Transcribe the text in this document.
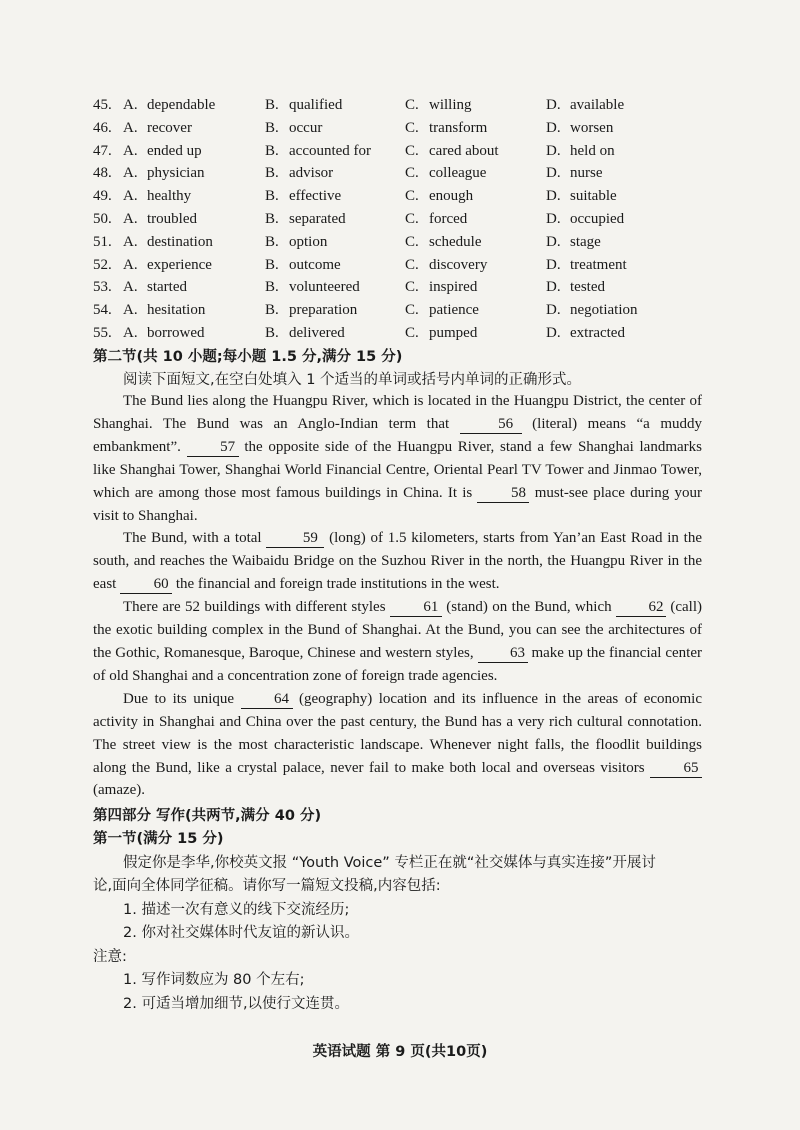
45. A. dependable	B. qualified	C. willing	D. available
46. A. recover	B. occur	C. transform	D. worsen
47. A. ended up	B. accounted for	C. cared about	D. held on
48. A. physician	B. advisor	C. colleague	D. nurse
49. A. healthy	B. effective	C. enough	D. suitable
50. A. troubled	B. separated	C. forced	D. occupied
51. A. destination	B. option	C. schedule	D. stage
52. A. experience	B. outcome	C. discovery	D. treatment
53. A. started	B. volunteered	C. inspired	D. tested
54. A. hesitation	B. preparation	C. patience	D. negotiation
55. A. borrowed	B. delivered	C. pumped	D. extracted
第二节(共 10 小题;每小题 1.5 分,满分 15 分)
阅读下面短文,在空白处填入 1 个适当的单词或括号内单词的正确形式。

The Bund lies along the Huangpu River, which is located in the Huangpu District, the center of Shanghai. The Bund was an Anglo-Indian term that	56 (literal) means “a muddy embankment”. 57 the opposite side of the Huangpu River, stand a few Shanghai landmarks like Shanghai Tower, Shanghai World Financial Centre, Oriental Pearl TV Tower and Jinmao Tower, which are among those most famous buildings in China. It is 58 must-see place during your visit to Shanghai.

The Bund, with a total 59 (long) of 1.5 kilometers, starts from Yan’an East Road in the south, and reaches the Waibaidu Bridge on the Suzhou River in the north, the Huangpu River in the east 60 the financial and foreign trade institutions in the west.

There are 52 buildings with different styles 61 (stand) on the Bund, which 62 (call) the exotic building complex in the Bund of Shanghai. At the Bund, you can see the architectures of the Gothic, Romanesque, Baroque, Chinese and western styles, 63 make up the financial center of old Shanghai and a concentration zone of foreign trade agencies.

Due to its unique 64 (geography) location and its influence in the areas of economic activity in Shanghai and China over the past century, the Bund has a very rich cultural connotation. The street view is the most characteristic landscape. Whenever night falls, the floodlit buildings along the Bund, like a crystal palace, never fail to make both local and overseas visitors 65 (amaze).

第四部分 写作(共两节,满分 40 分)
第一节(满分 15 分)
假定你是李华,你校英文报 “Youth Voice” 专栏正在就“社交媒体与真实连接”开展讨
论,面向全体同学征稿。请你写一篇短文投稿,内容包括:
1. 描述一次有意义的线下交流经历;
2. 你对社交媒体时代友谊的新认识。
注意:
1. 写作词数应为 80 个左右;
2. 可适当增加细节,以使行文连贯。
英语试题 第 9 页(共10页)
